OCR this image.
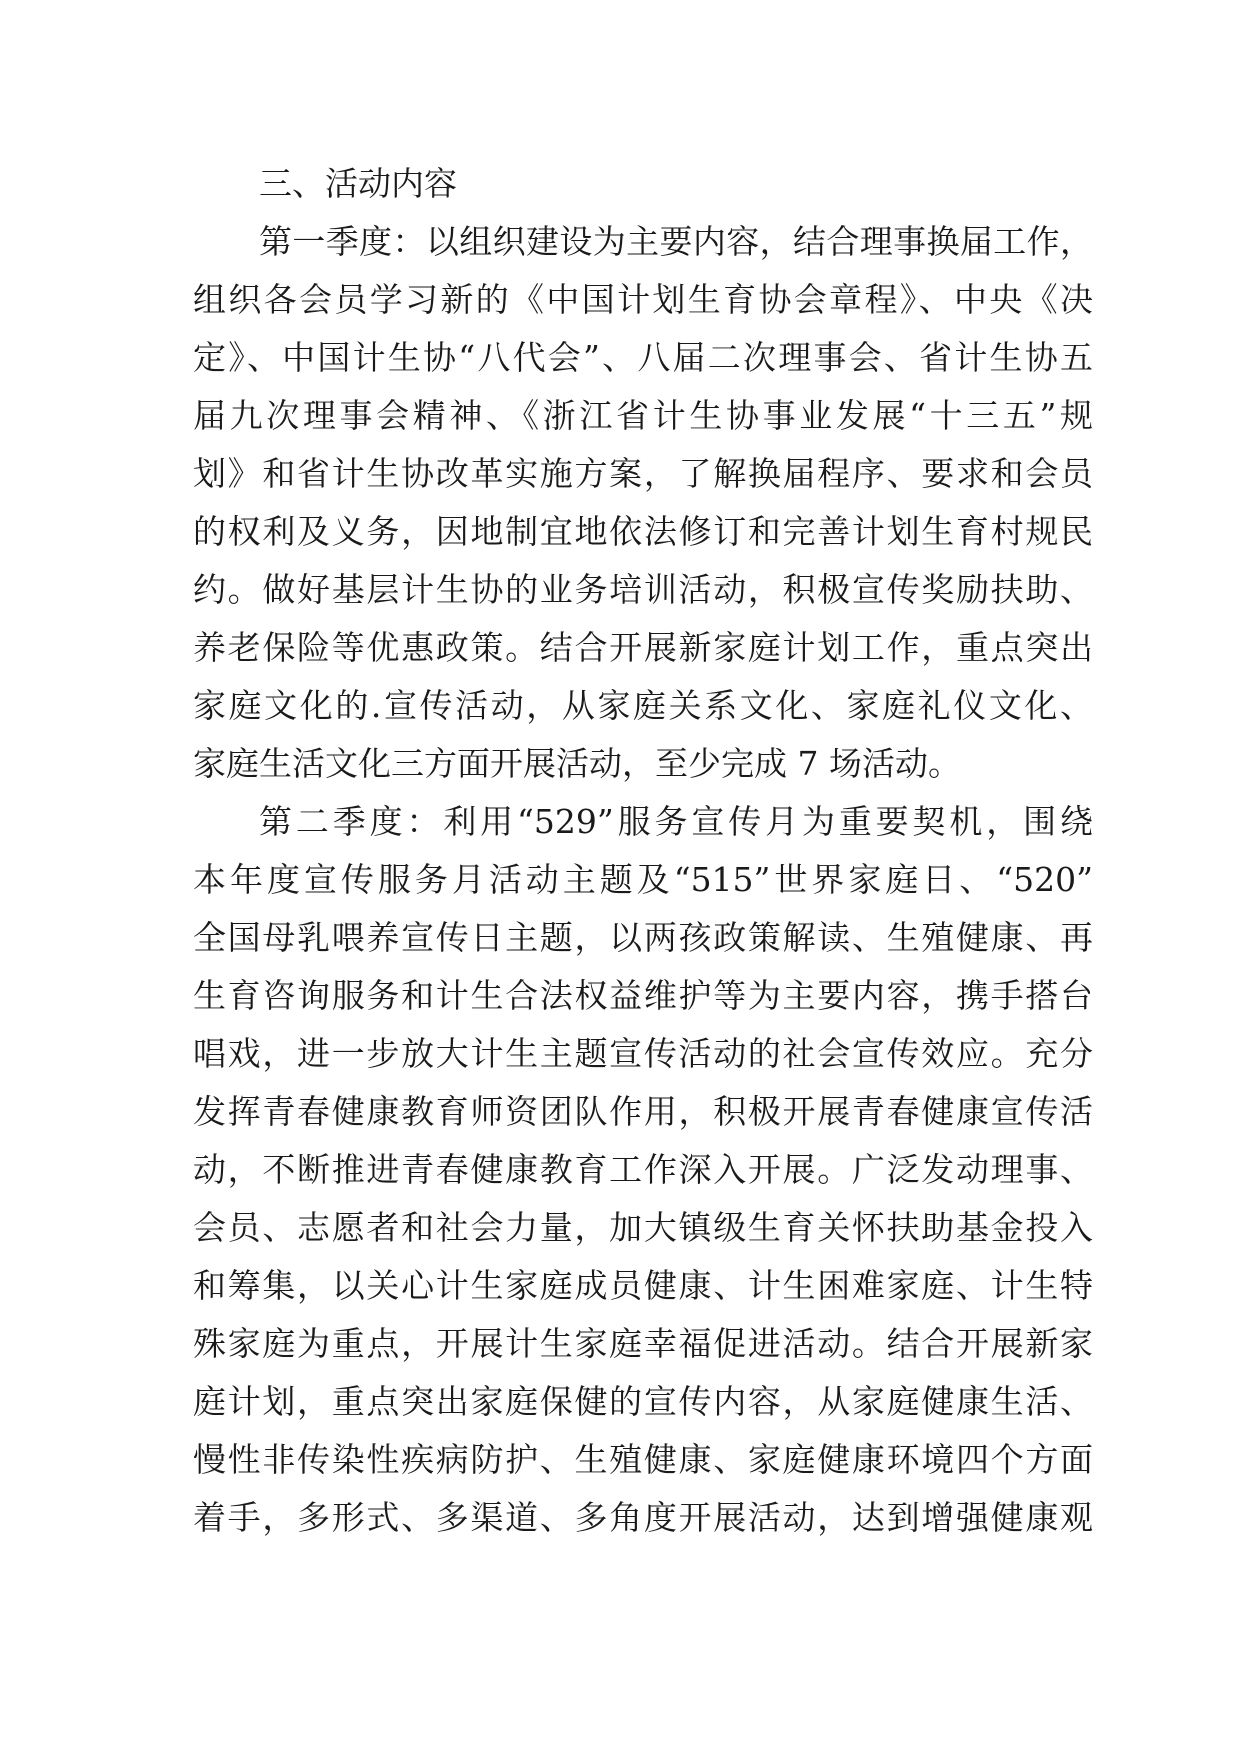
三、活动内容
第一季度：以组织建设为主要内容，结合理事换届工作，
组织各会员学习新的《中国计划生育协会章程》、中央《决
定》、中国计生协“八代会”、八届二次理事会、省计生协五
届九次理事会精神、《浙江省计生协事业发展“十三五”规
划》和省计生协改革实施方案，了解换届程序、要求和会员
的权利及义务，因地制宜地依法修订和完善计划生育村规民
约。做好基层计生协的业务培训活动，积极宣传奖励扶助、
养老保险等优惠政策。结合开展新家庭计划工作，重点突出
家庭文化的.宣传活动，从家庭关系文化、家庭礼仪文化、
家庭生活文化三方面开展活动，至少完成 7 场活动。
第二季度：利用“529”服务宣传月为重要契机，围绕
本年度宣传服务月活动主题及“515”世界家庭日、“520”
全国母乳喂养宣传日主题，以两孩政策解读、生殖健康、再
生育咨询服务和计生合法权益维护等为主要内容，携手搭台
唱戏，进一步放大计生主题宣传活动的社会宣传效应。充分
发挥青春健康教育师资团队作用，积极开展青春健康宣传活
动，不断推进青春健康教育工作深入开展。广泛发动理事、
会员、志愿者和社会力量，加大镇级生育关怀扶助基金投入
和筹集，以关心计生家庭成员健康、计生困难家庭、计生特
殊家庭为重点，开展计生家庭幸福促进活动。结合开展新家
庭计划，重点突出家庭保健的宣传内容，从家庭健康生活、
慢性非传染性疾病防护、生殖健康、家庭健康环境四个方面
着手，多形式、多渠道、多角度开展活动，达到增强健康观
